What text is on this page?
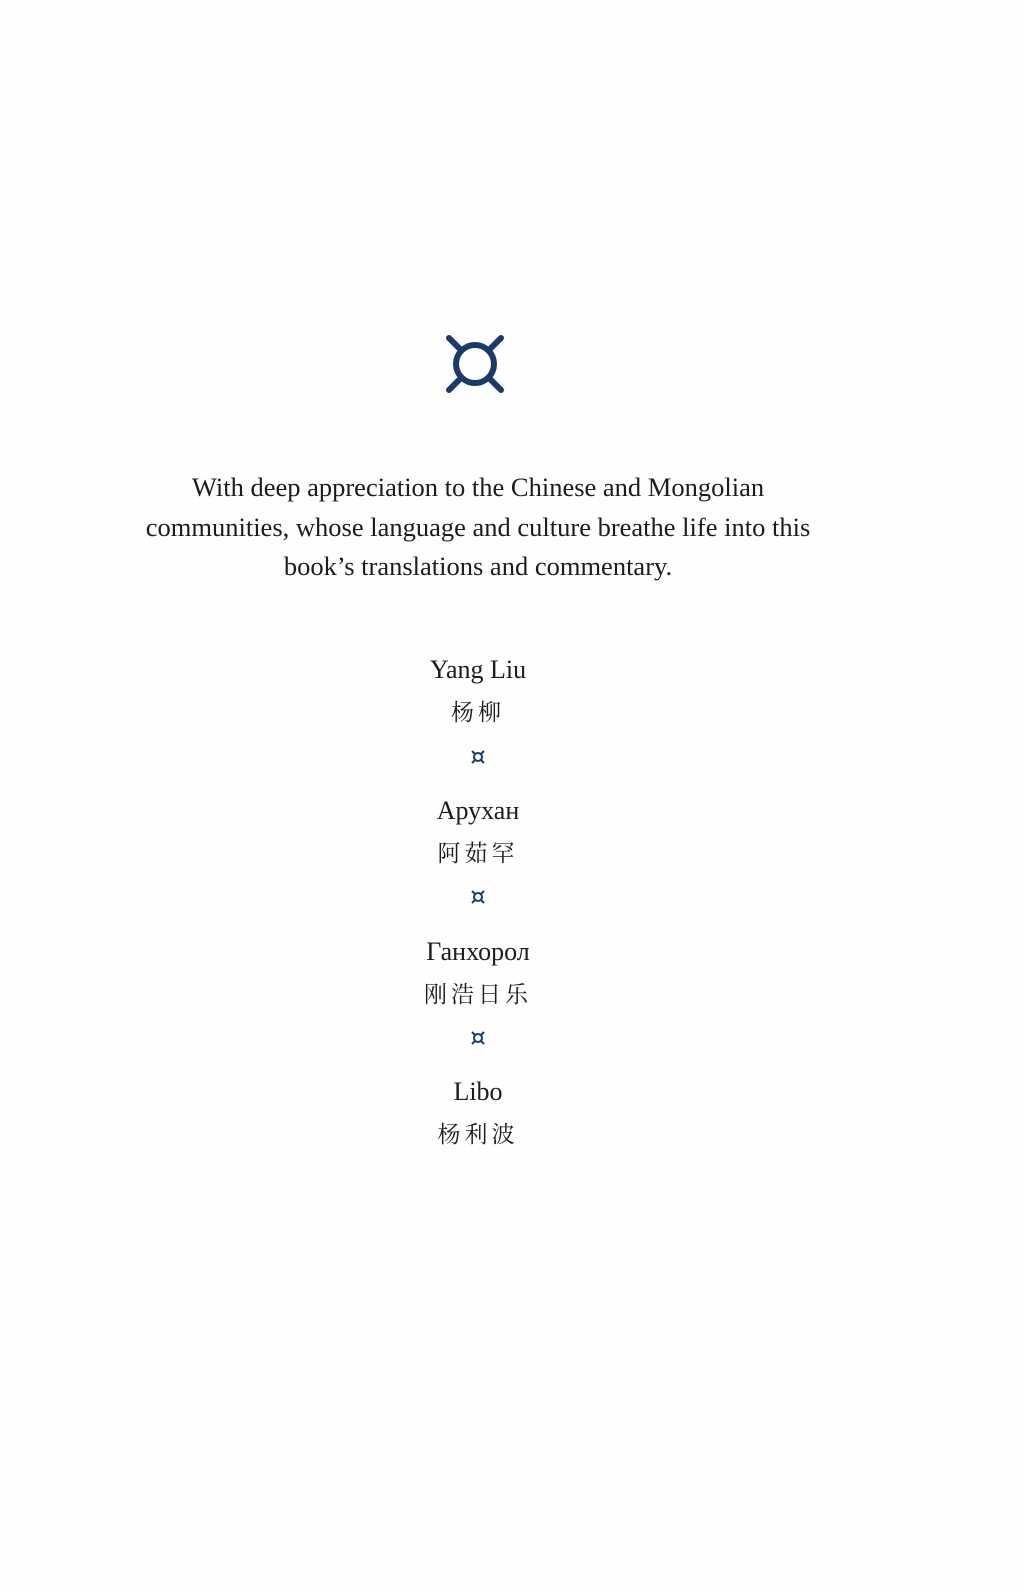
With deep appreciation to the Chinese and Mongolian
communities, whose language and culture breathe life into this
book’s translations and commentary.
Yang Liu
杨柳
Арухан
阿茹罕
Ганхорол
刚浩日乐
Libo
杨利波
